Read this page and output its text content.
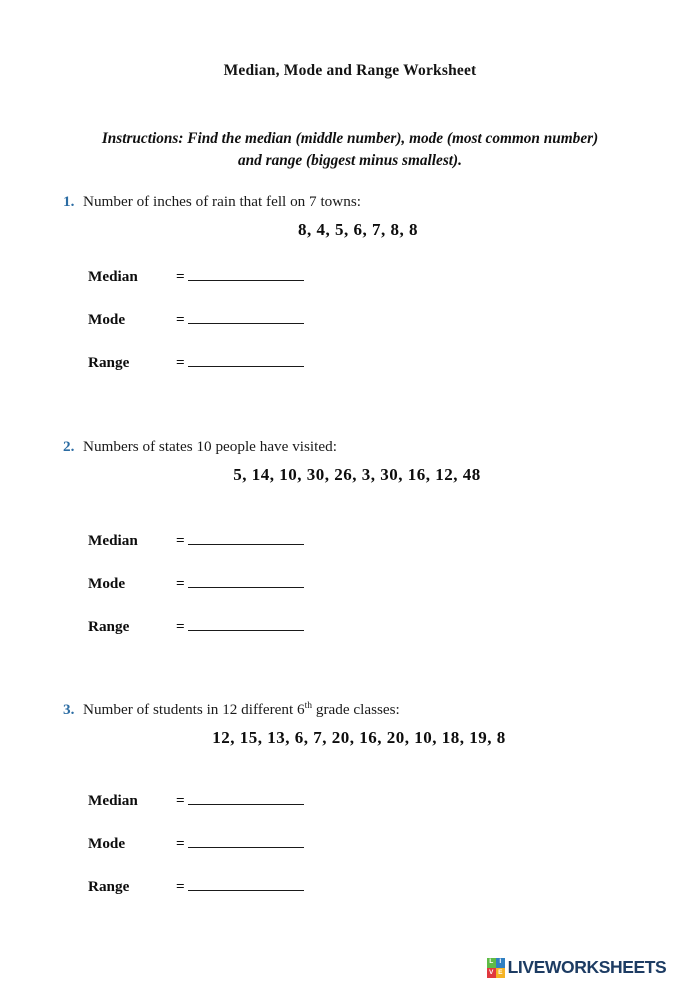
Median, Mode and Range Worksheet
Instructions: Find the median (middle number), mode (most common number)
and range (biggest minus smallest).
1. Number of inches of rain that fell on 7 towns:
8, 4, 5, 6, 7, 8, 8
Median	=
Mode	=
Range	=
2. Numbers of states 10 people have visited:
5, 14, 10, 30, 26, 3, 30, 16, 12, 48
Median	=
Mode	=
Range	=
3. Number of students in 12 different 6th grade classes:
12, 15, 13, 6, 7, 20, 16, 20, 10, 18, 19, 8
Median	=
Mode	=
Range	=
L I
V E LIVEWORKSHEETS
